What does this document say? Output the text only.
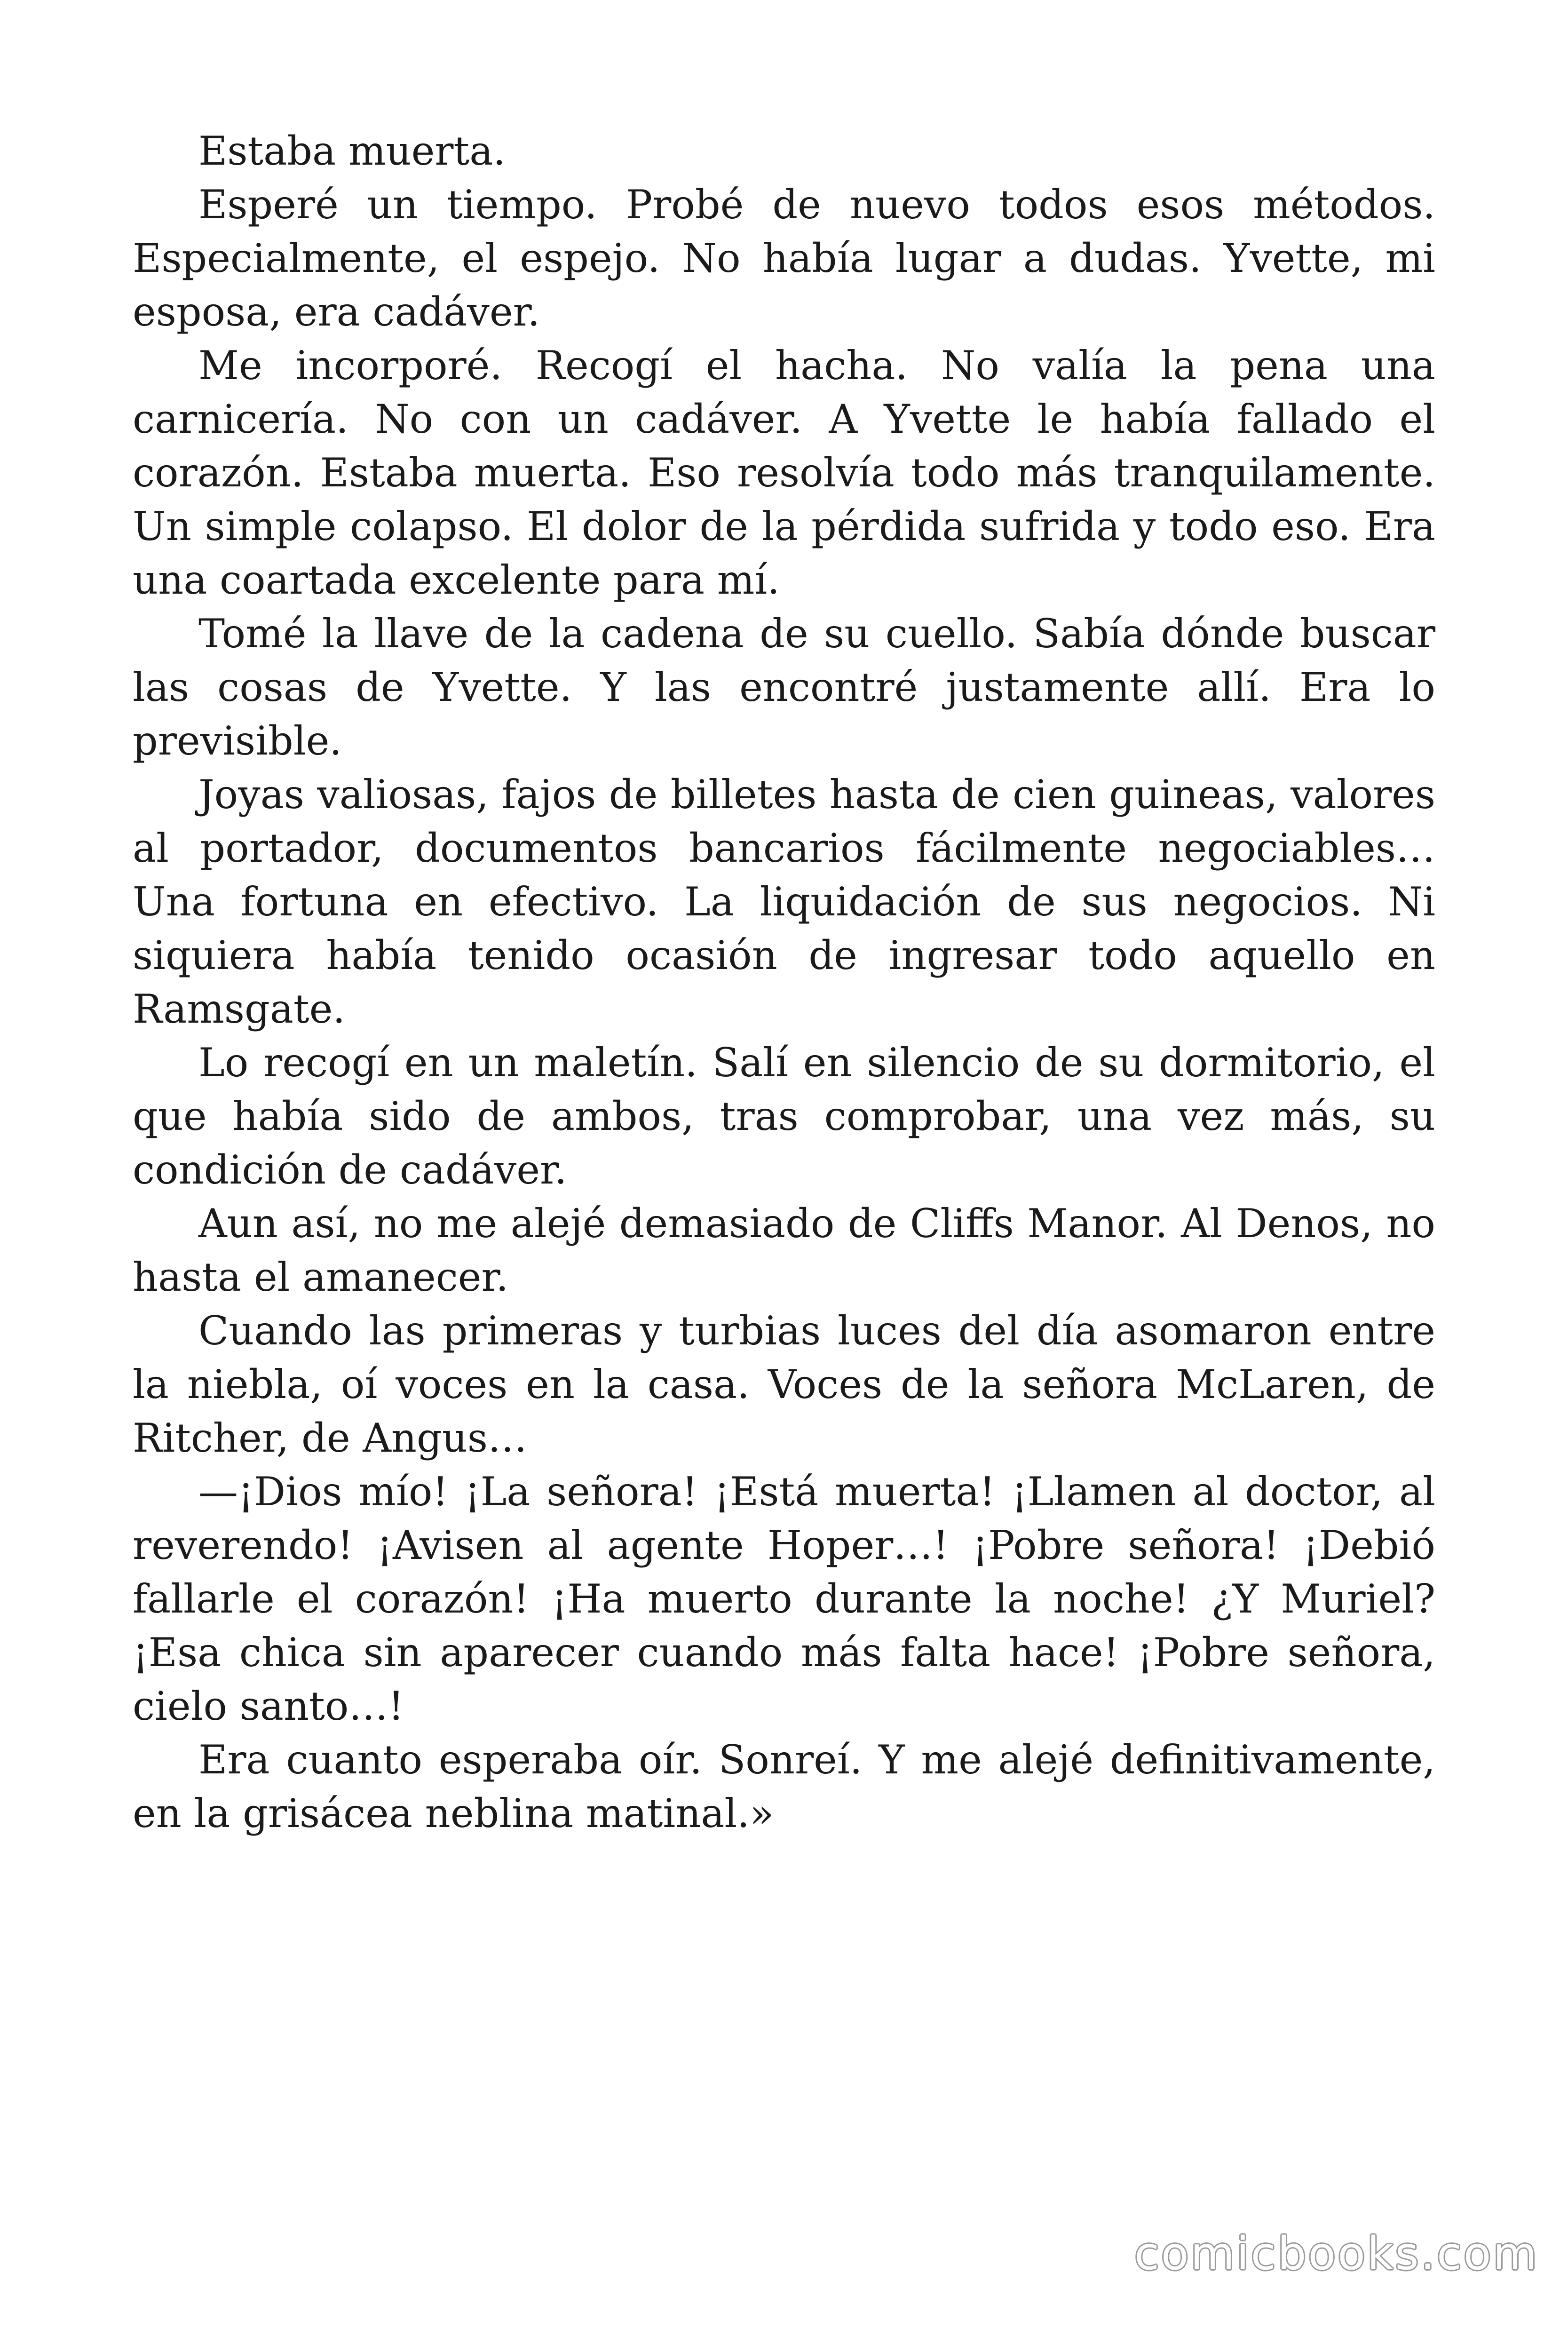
Estaba muerta.

Esperé un tiempo. Probé de nuevo todos esos métodos. Especialmente, el espejo. No había lugar a dudas. Yvette, mi esposa, era cadáver.

Me incorporé. Recogí el hacha. No valía la pena una carnicería. No con un cadáver. A Yvette le había fallado el corazón. Estaba muerta. Eso resolvía todo más tranquilamente. Un simple colapso. El dolor de la pérdida sufrida y todo eso. Era una coartada excelente para mí.

Tomé la llave de la cadena de su cuello. Sabía dónde buscar las cosas de Yvette. Y las encontré justamente allí. Era lo previsible.

Joyas valiosas, fajos de billetes hasta de cien guineas, valores al portador, documentos bancarios fácilmente negociables… Una fortuna en efectivo. La liquidación de sus negocios. Ni siquiera había tenido ocasión de ingresar todo aquello en Ramsgate.

Lo recogí en un maletín. Salí en silencio de su dormitorio, el que había sido de ambos, tras comprobar, una vez más, su condición de cadáver.

Aun así, no me alejé demasiado de Cliffs Manor. Al Denos, no hasta el amanecer.

Cuando las primeras y turbias luces del día asomaron entre la niebla, oí voces en la casa. Voces de la señora McLaren, de Ritcher, de Angus…

—¡Dios mío! ¡La señora! ¡Está muerta! ¡Llamen al doctor, al reverendo! ¡Avisen al agente Hoper…! ¡Pobre señora! ¡Debió fallarle el corazón! ¡Ha muerto durante la noche! ¿Y Muriel? ¡Esa chica sin aparecer cuando más falta hace! ¡Pobre señora, cielo santo…!

Era cuanto esperaba oír. Sonreí. Y me alejé definitivamente, en la grisácea neblina matinal.»

comicbooks.com
